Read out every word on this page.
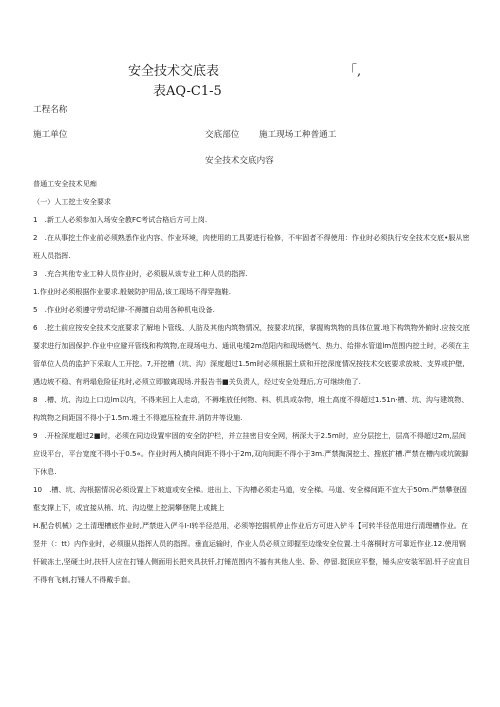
安全技术交底表	「,
表AQ-C1-5
工程名称
施工单位	交底部位 施工现场工种普通工
安全技术交底内容

普通工安全技术见痴

（一）人工挖土安全要求

1　.新工人必须参加入场安全教FC考试合格后方可上岗.

2　.在从事挖土作业前必须熟悉作业内容、作业环境，肉使用的工具要进行检修，不牢固者不得使用：作业时必须执行安全技术交底•服从密班人员指挥.

3　.充合其他专业工种人员作业时，必须服从该专业工种人员的指挥.

1.作业时必须根据作业要求.般皴防护用品,该工现场不得穿拖鞋.

5　.作业时必须遵守劳动纪律-不褥擅自动用各种机电设备.

6　.挖土前应按安全技术交底要求了解地卜管线、人肪及其他内筑物情况，按要求坑探，掌握购筑物的具体位置.地下构筑物外俯时.应按交底要求进行加固保护.作业中应避开管线和构筑物,在现场电力、通讯电缆2m范阳内和现场燃气、热力、给排水管道lm范围内挖土时，必须在主管单位人员的监护下采取人工开挖。7,开挖槽（坑、沟）深度超过1.5m时必须根据土质和开挖深度情况按技术交底要求放坡、支界或护壁,遇边坡不稳、有坍塌危险征兆时,必须立即撤离现场.并报告书■关负责人，经过安全处理后,方可继续他了.

8　.槽、坑、沟边上口边lm以内，不得来回上人走动，不褥堆放任何物、料、机具或杂物，堆土高度不得超过1.51n·槽、坑、沟与建筑物、构筑物之间距国不得小于1.5m.堆土不得遮压检査井.消防井等设施.

9　.开检深度超过2■时，必须在同边设置牢固的安全防护栏，并立挂密目安全网，柄深大于2.5m时，应分层挖土，层高不得超过2m,层间应设平台，平台宽度不得小于0.5«。作业时两人横向间距不得小于2m,双向间距不得小于3m.严禁掏洞挖土、搜底扩槽.严禁在槽内或坑陂脚下休息.

10　.槽、坑、沟根据情况必须设置上下坡道或安全梯。进出上、下沟槽必须走马道，安全梯。马道、安全梯间距不宜大于50m.严禁攀登固壑支撑上下，或宜接从梢、坑、沟边壁上挖洞攀登爬上或跳上

H.配合机械）之土清理槽底作业时,严禁进入俨斗I-I转半径范用，必须等挖掘机停止作业后方可进入铲斗【可转半径范用进行清理槽作业。在竖井（：tt）内作业时，必须服从指挥人员的指挥。垂直运输时，作业人员必须立即握至边缘安全位置.土斗落桐时方可靠近作业.12.使用钢钎破冻土,坚硬土时,扶钎人应在打锤人侧面用长把夹具扶钎,打锤范围内不搐有其他人坐、卧、停留.挺顶应平整，锤头应安装军固.钎子应直目不得有飞刺,打锤人不得戴手套。
